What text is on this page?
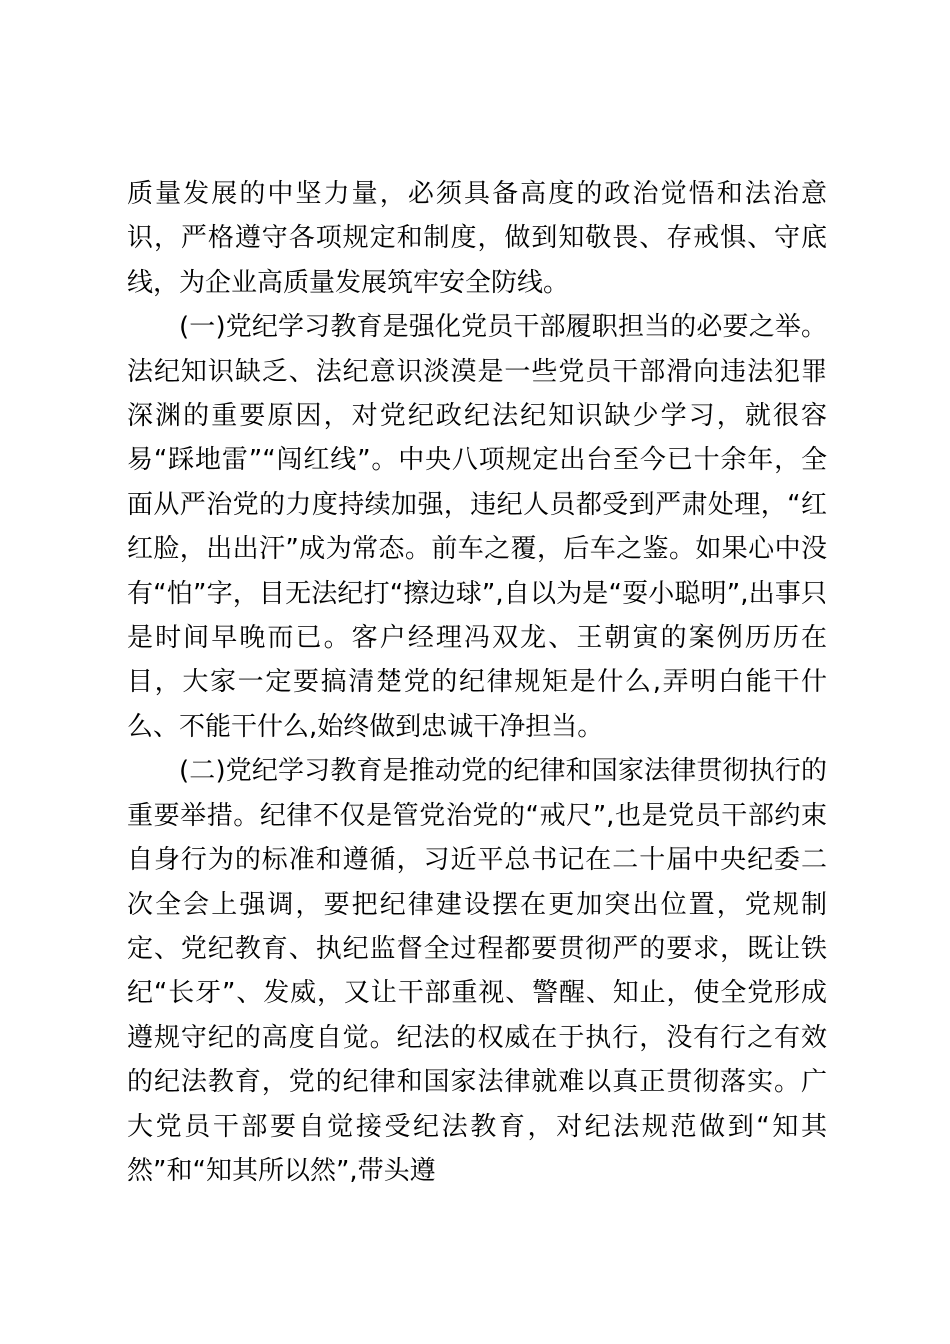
质量发展的中坚力量，必须具备高度的政治觉悟和法治意识，严格遵守各项规定和制度，做到知敬畏、存戒惧、守底线，为企业高质量发展筑牢安全防线。

(一)党纪学习教育是强化党员干部履职担当的必要之举。法纪知识缺乏、法纪意识淡漠是一些党员干部滑向违法犯罪深渊的重要原因，对党纪政纪法纪知识缺少学习，就很容易“踩地雷”“闯红线”。中央八项规定出台至今已十余年，全面从严治党的力度持续加强，违纪人员都受到严肃处理，“红红脸，出出汗”成为常态。前车之覆，后车之鉴。如果心中没有“怕”字，目无法纪打“擦边球”,自以为是“耍小聪明”,出事只是时间早晚而已。客户经理冯双龙、王朝寅的案例历历在目，大家一定要搞清楚党的纪律规矩是什么,弄明白能干什么、不能干什么,始终做到忠诚干净担当。

(二)党纪学习教育是推动党的纪律和国家法律贯彻执行的重要举措。纪律不仅是管党治党的“戒尺”,也是党员干部约束自身行为的标准和遵循，习近平总书记在二十届中央纪委二次全会上强调，要把纪律建设摆在更加突出位置，党规制定、党纪教育、执纪监督全过程都要贯彻严的要求，既让铁纪“长牙”、发威，又让干部重视、警醒、知止，使全党形成遵规守纪的高度自觉。纪法的权威在于执行，没有行之有效的纪法教育，党的纪律和国家法律就难以真正贯彻落实。广大党员干部要自觉接受纪法教育，对纪法规范做到“知其然”和“知其所以然”,带头遵
